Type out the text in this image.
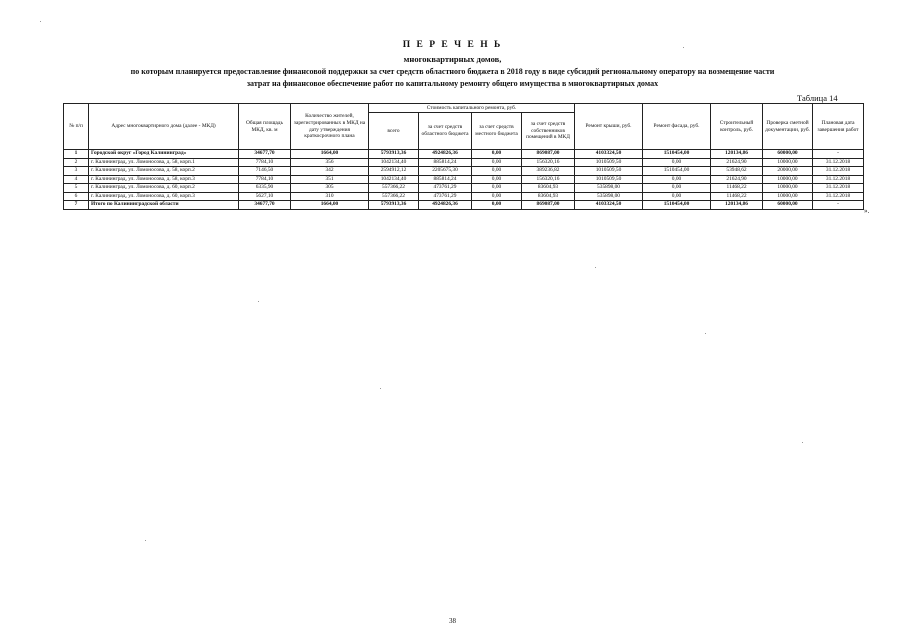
П Е Р Е Ч Е Н Ь
многоквартирных домов,
по которым планируется предоставление финансовой поддержки за счет средств областного бюджета в 2018 году в виде субсидий региональному оператору на возмещение части
затрат на финансовое обеспечение работ по капитальному ремонту общего имущества в многоквартирных домах
Таблица 14
№ п/п	Адрес многоквартирного дома (далее - МКД)	Общая площадь МКД, кв. м	Количество жителей, зарегистрированных в МКД на дату утверждения краткосрочного плана	Стоимость капитального ремонта, руб.				Ремонт крыши, руб.	Ремонт фасада, руб.	Строительный контроль, руб.	Проверка сметной документации, руб.	Плановая дата завершения работ
				всего	за счет средств областного бюджета	за счет средств местного бюджета	за счет средств собственников помещений в МКД					
1	Городской округ «Город Калининград»	34677,70	1664,00	5793913,36	4924826,36	0,00	869087,00	4103324,50	1510454,00	120134,86	60000,00	-
2	г. Калининград, ул. Ломоносова, д. 58, корп.1	7784,10	356	1042134,40	885814,24	0,00	156320,16	1010509,50	0,00	21624,90	10000,00	31.12.2018
3	г. Калининград, ул. Ломоносова, д. 58, корп.2	7146,50	342	2594912,12	2205675,30	0,00	389236,82	1010509,50	1510454,00	53948,62	20000,00	31.12.2018
4	г. Калининград, ул. Ломоносова, д. 58, корп.3	7784,10	351	1042134,40	885814,24	0,00	156320,16	1010509,50	0,00	21624,90	10000,00	31.12.2018
5	г. Калининград, ул. Ломоносова, д. 60, корп.2	6335,90	305	557366,22	473761,29	0,00	83604,93	535898,00	0,00	11468,22	10000,00	31.12.2018
6	г. Калининград, ул. Ломоносова, д. 60, корп.3	5627,10	310	557366,22	473761,29	0,00	83604,93	535898,00	0,00	11468,22	10000,00	31.12.2018
7	Итого по Калининградской области	34677,70	1664,00	5793913,36	4924826,36	0,00	869087,00	4103324,50	1510454,00	120134,86	60000,00	-
».
38
